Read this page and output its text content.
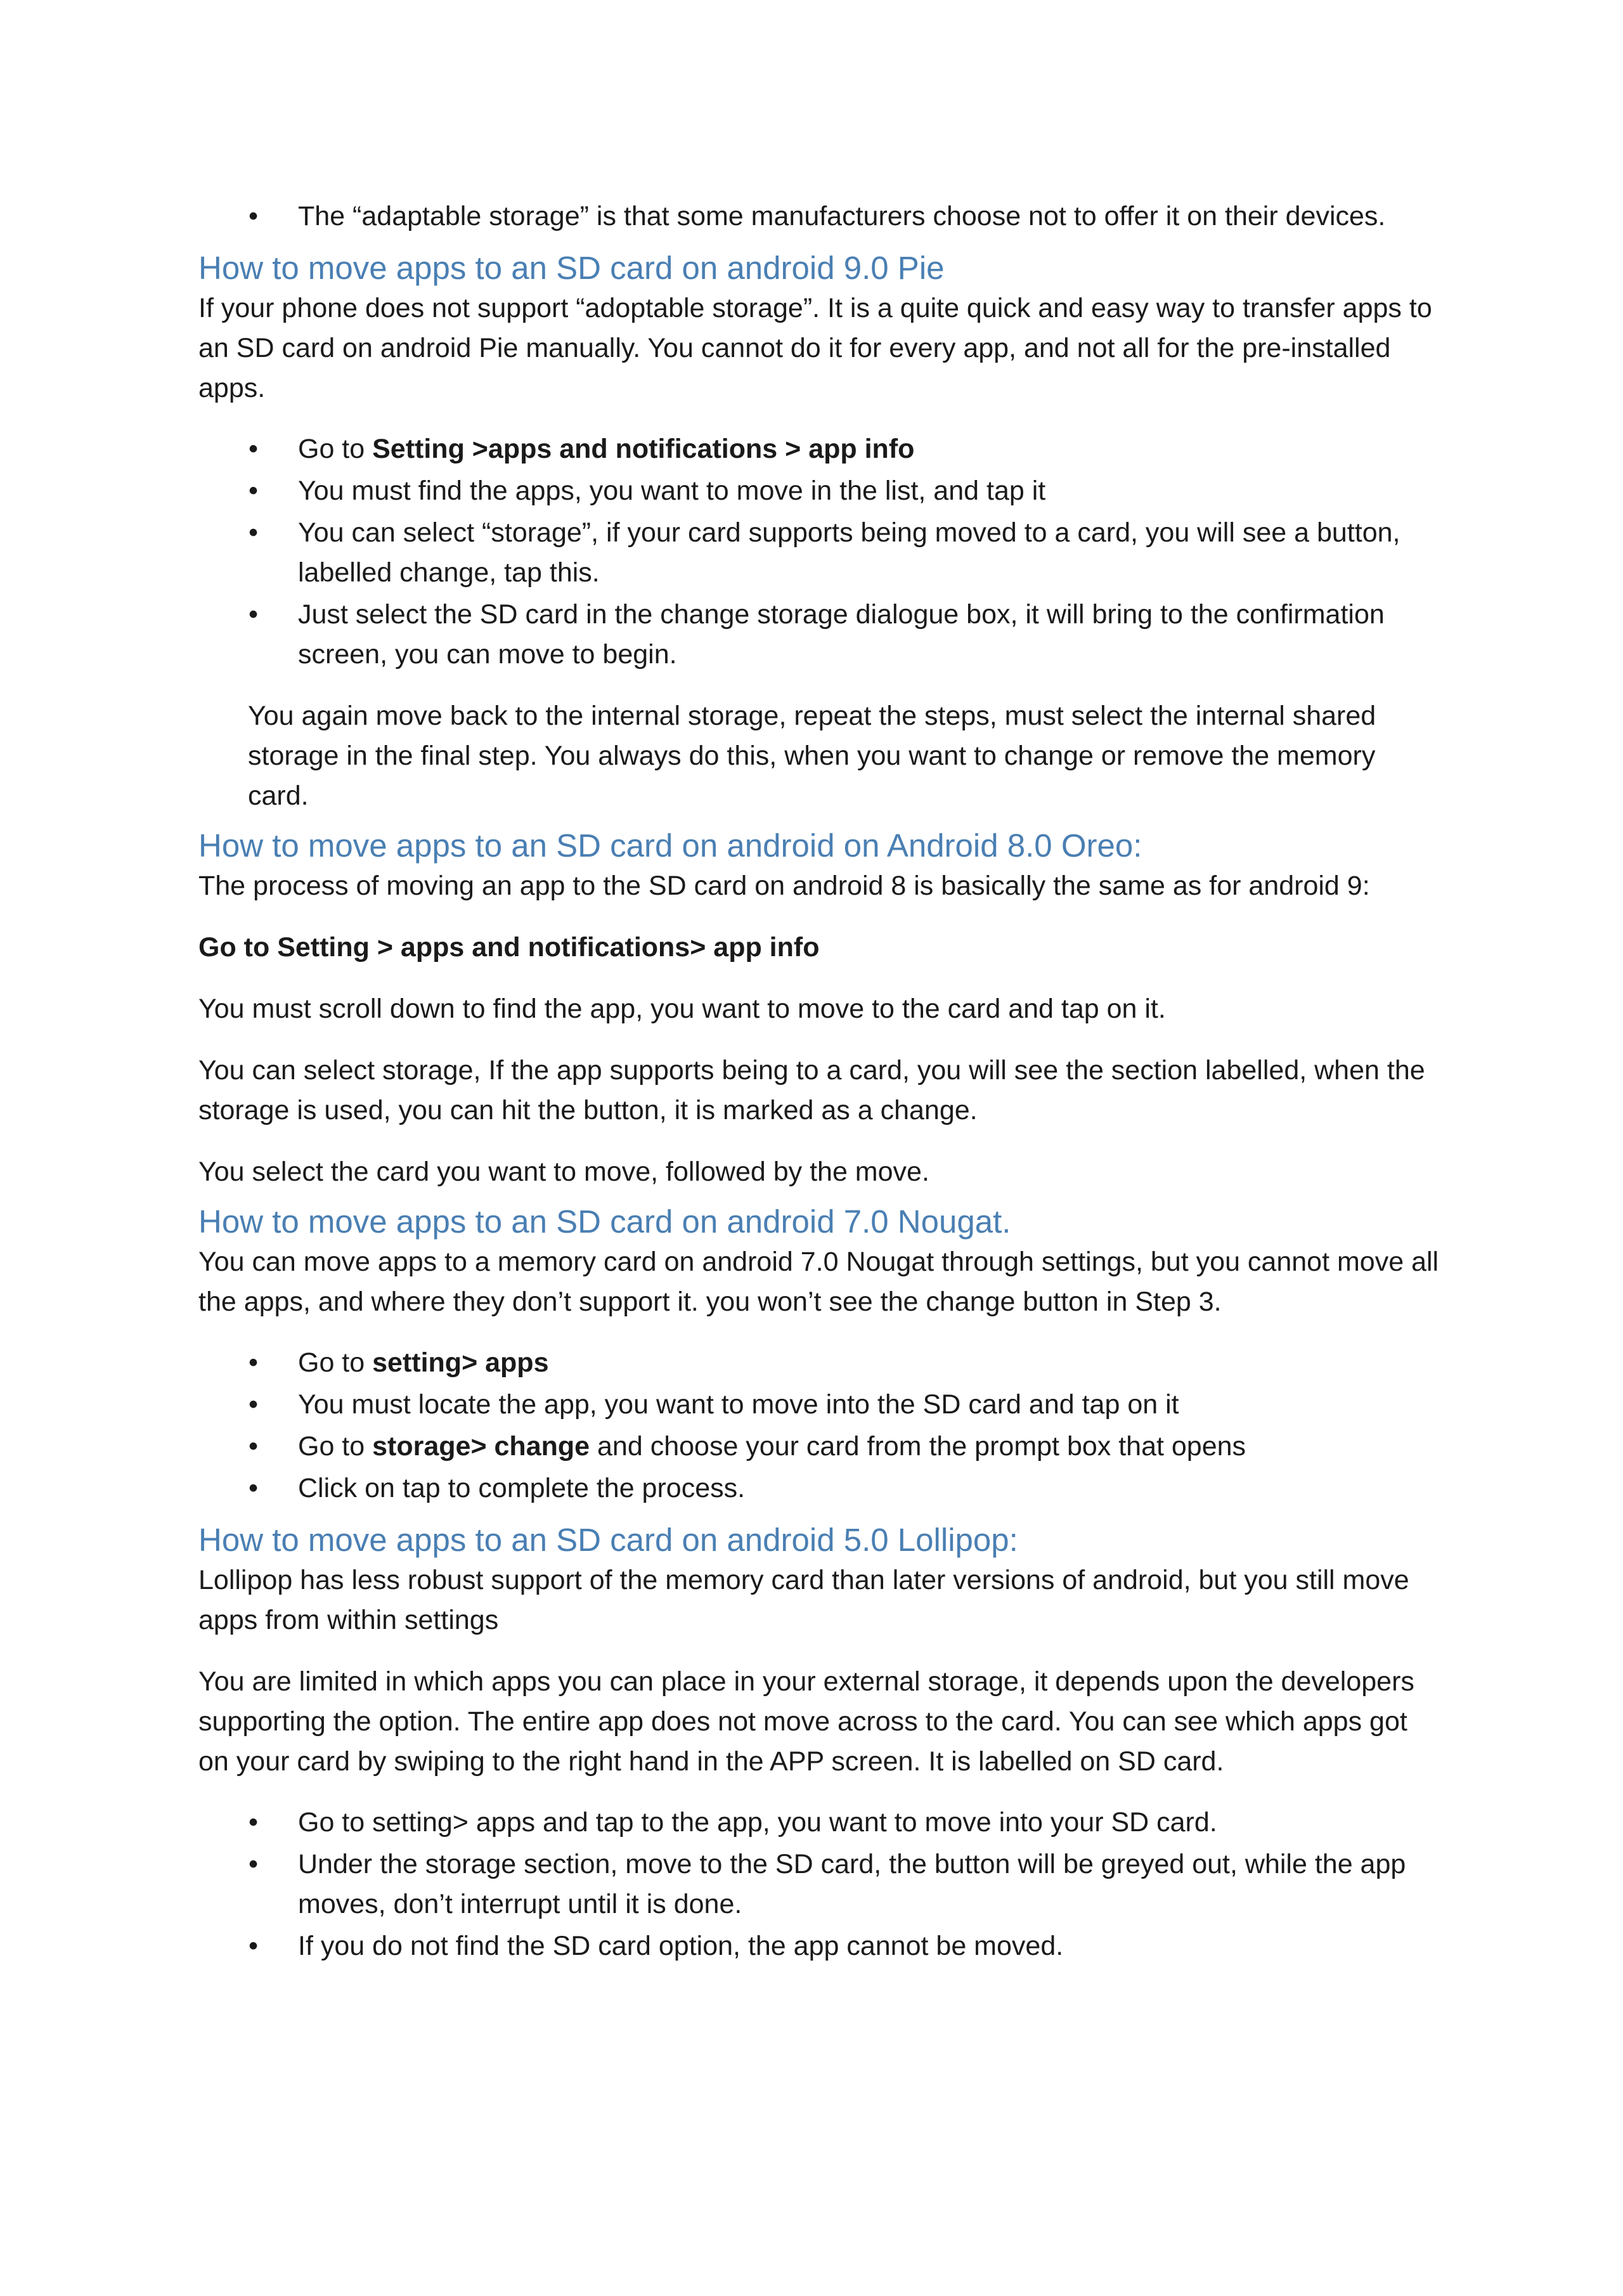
• The “adaptable storage” is that some manufacturers choose not to offer it on their devices.
How to move apps to an SD card on android 9.0 Pie

If your phone does not support “adoptable storage”. It is a quite quick and easy way to transfer apps to an SD card on android Pie manually. You cannot do it for every app, and not all for the pre-installed apps.

• Go to Setting >apps and notifications > app info
• You must find the apps, you want to move in the list, and tap it
• You can select “storage”, if your card supports being moved to a card, you will see a button, labelled change, tap this.
• Just select the SD card in the change storage dialogue box, it will bring to the confirmation screen, you can move to begin.

You again move back to the internal storage, repeat the steps, must select the internal shared storage in the final step. You always do this, when you want to change or remove the memory card.

How to move apps to an SD card on android on Android 8.0 Oreo:

The process of moving an app to the SD card on android 8 is basically the same as for android 9:

Go to Setting > apps and notifications> app info

You must scroll down to find the app, you want to move to the card and tap on it.

You can select storage, If the app supports being to a card, you will see the section labelled, when the storage is used, you can hit the button, it is marked as a change.

You select the card you want to move, followed by the move.

How to move apps to an SD card on android 7.0 Nougat.

You can move apps to a memory card on android 7.0 Nougat through settings, but you cannot move all the apps, and where they don’t support it. you won’t see the change button in Step 3.

• Go to setting> apps
• You must locate the app, you want to move into the SD card and tap on it
• Go to storage> change and choose your card from the prompt box that opens
• Click on tap to complete the process.
How to move apps to an SD card on android 5.0 Lollipop:

Lollipop has less robust support of the memory card than later versions of android, but you still move apps from within settings

You are limited in which apps you can place in your external storage, it depends upon the developers supporting the option. The entire app does not move across to the card. You can see which apps got on your card by swiping to the right hand in the APP screen. It is labelled on SD card.

• Go to setting> apps and tap to the app, you want to move into your SD card.
• Under the storage section, move to the SD card, the button will be greyed out, while the app moves, don’t interrupt until it is done.
• If you do not find the SD card option, the app cannot be moved.
